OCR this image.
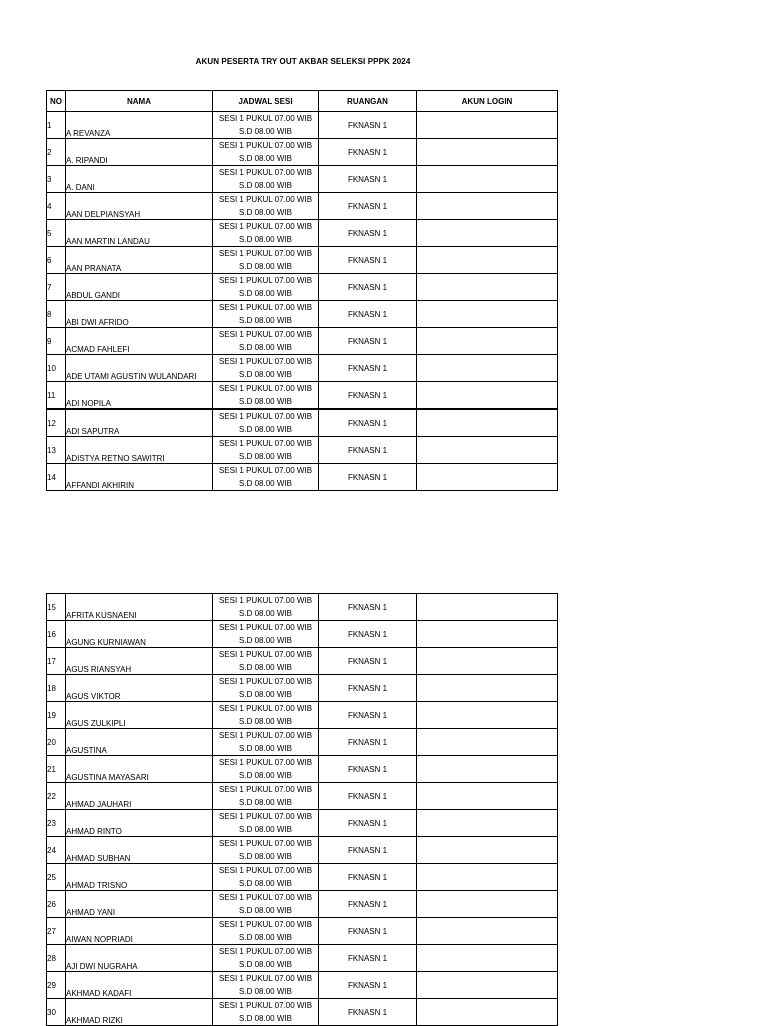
AKUN PESERTA TRY OUT AKBAR SELEKSI PPPK 2024
NO	NAMA	JADWAL SESI	RUANGAN	AKUN LOGIN
1	A REVANZA	SESI 1 PUKUL 07.00 WIB
S.D 08.00 WIB	FKNASN 1	
2	A. RIPANDI	SESI 1 PUKUL 07.00 WIB
S.D 08.00 WIB	FKNASN 1	
3	A. DANI	SESI 1 PUKUL 07.00 WIB
S.D 08.00 WIB	FKNASN 1	
4	AAN DELPIANSYAH	SESI 1 PUKUL 07.00 WIB
S.D 08.00 WIB	FKNASN 1	
5	AAN MARTIN LANDAU	SESI 1 PUKUL 07.00 WIB
S.D 08.00 WIB	FKNASN 1	
6	AAN PRANATA	SESI 1 PUKUL 07.00 WIB
S.D 08.00 WIB	FKNASN 1	
7	ABDUL GANDI	SESI 1 PUKUL 07.00 WIB
S.D 08.00 WIB	FKNASN 1	
8	ABI DWI AFRIDO	SESI 1 PUKUL 07.00 WIB
S.D 08.00 WIB	FKNASN 1	
9	ACMAD FAHLEFI	SESI 1 PUKUL 07.00 WIB
S.D 08.00 WIB	FKNASN 1	
10	ADE UTAMI AGUSTIN WULANDARI	SESI 1 PUKUL 07.00 WIB
S.D 08.00 WIB	FKNASN 1	
11	ADI NOPILA	SESI 1 PUKUL 07.00 WIB
S.D 08.00 WIB	FKNASN 1	
12	ADI SAPUTRA	SESI 1 PUKUL 07.00 WIB
S.D 08.00 WIB	FKNASN 1	
13	ADISTYA RETNO SAWITRI	SESI 1 PUKUL 07.00 WIB
S.D 08.00 WIB	FKNASN 1	
14	AFFANDI AKHIRIN	SESI 1 PUKUL 07.00 WIB
S.D 08.00 WIB	FKNASN 1	
15	AFRITA KUSNAENI	SESI 1 PUKUL 07.00 WIB
S.D 08.00 WIB	FKNASN 1	
16	AGUNG KURNIAWAN	SESI 1 PUKUL 07.00 WIB
S.D 08.00 WIB	FKNASN 1	
17	AGUS RIANSYAH	SESI 1 PUKUL 07.00 WIB
S.D 08.00 WIB	FKNASN 1	
18	AGUS VIKTOR	SESI 1 PUKUL 07.00 WIB
S.D 08.00 WIB	FKNASN 1	
19	AGUS ZULKIPLI	SESI 1 PUKUL 07.00 WIB
S.D 08.00 WIB	FKNASN 1	
20	AGUSTINA	SESI 1 PUKUL 07.00 WIB
S.D 08.00 WIB	FKNASN 1	
21	AGUSTINA MAYASARI	SESI 1 PUKUL 07.00 WIB
S.D 08.00 WIB	FKNASN 1	
22	AHMAD JAUHARI	SESI 1 PUKUL 07.00 WIB
S.D 08.00 WIB	FKNASN 1	
23	AHMAD RINTO	SESI 1 PUKUL 07.00 WIB
S.D 08.00 WIB	FKNASN 1	
24	AHMAD SUBHAN	SESI 1 PUKUL 07.00 WIB
S.D 08.00 WIB	FKNASN 1	
25	AHMAD TRISNO	SESI 1 PUKUL 07.00 WIB
S.D 08.00 WIB	FKNASN 1	
26	AHMAD YANI	SESI 1 PUKUL 07.00 WIB
S.D 08.00 WIB	FKNASN 1	
27	AIWAN NOPRIADI	SESI 1 PUKUL 07.00 WIB
S.D 08.00 WIB	FKNASN 1	
28	AJI DWI NUGRAHA	SESI 1 PUKUL 07.00 WIB
S.D 08.00 WIB	FKNASN 1	
29	AKHMAD KADAFI	SESI 1 PUKUL 07.00 WIB
S.D 08.00 WIB	FKNASN 1	
30	AKHMAD RIZKI	SESI 1 PUKUL 07.00 WIB
S.D 08.00 WIB	FKNASN 1	
